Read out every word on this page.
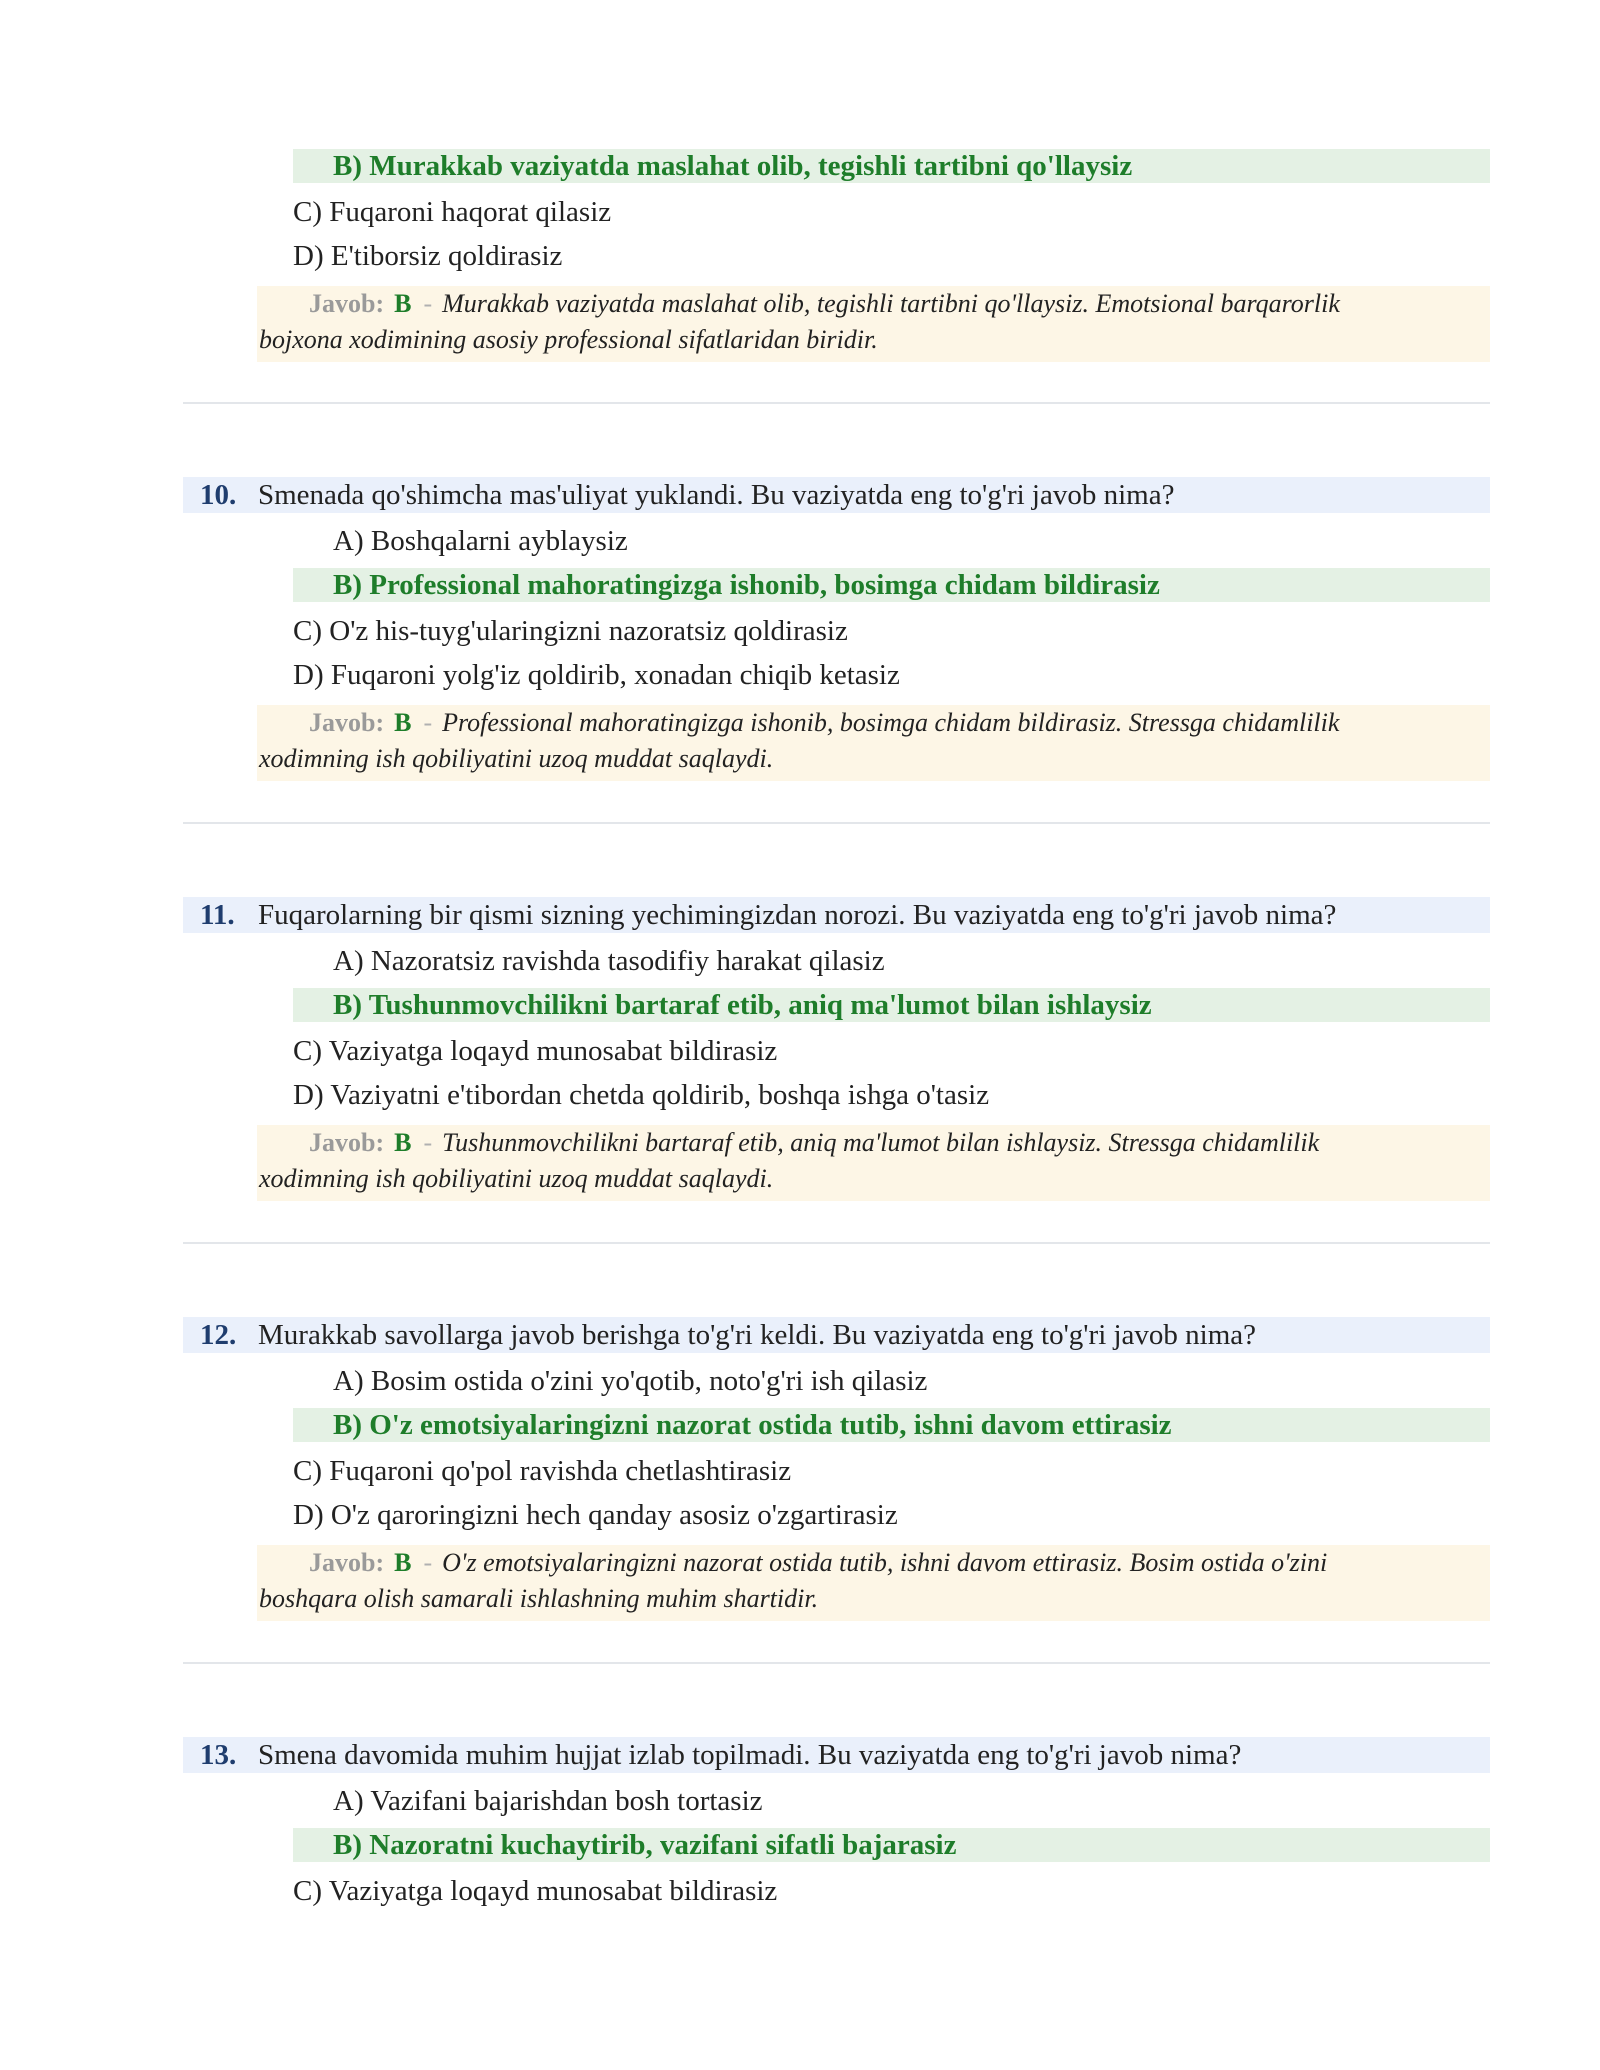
B) Murakkab vaziyatda maslahat olib, tegishli tartibni qo'llaysiz
C) Fuqaroni haqorat qilasiz
D) E'tiborsiz qoldirasiz
Javob: B - Murakkab vaziyatda maslahat olib, tegishli tartibni qo'llaysiz. Emotsional barqarorlik
bojxona xodimining asosiy professional sifatlaridan biridir.
10. Smenada qo'shimcha mas'uliyat yuklandi. Bu vaziyatda eng to'g'ri javob nima?
A) Boshqalarni ayblaysiz
B) Professional mahoratingizga ishonib, bosimga chidam bildirasiz
C) O'z his-tuyg'ularingizni nazoratsiz qoldirasiz
D) Fuqaroni yolg'iz qoldirib, xonadan chiqib ketasiz
Javob: B - Professional mahoratingizga ishonib, bosimga chidam bildirasiz. Stressga chidamlilik
xodimning ish qobiliyatini uzoq muddat saqlaydi.
11. Fuqarolarning bir qismi sizning yechimingizdan norozi. Bu vaziyatda eng to'g'ri javob nima?
A) Nazoratsiz ravishda tasodifiy harakat qilasiz
B) Tushunmovchilikni bartaraf etib, aniq ma'lumot bilan ishlaysiz
C) Vaziyatga loqayd munosabat bildirasiz
D) Vaziyatni e'tibordan chetda qoldirib, boshqa ishga o'tasiz
Javob: B - Tushunmovchilikni bartaraf etib, aniq ma'lumot bilan ishlaysiz. Stressga chidamlilik
xodimning ish qobiliyatini uzoq muddat saqlaydi.
12. Murakkab savollarga javob berishga to'g'ri keldi. Bu vaziyatda eng to'g'ri javob nima?
A) Bosim ostida o'zini yo'qotib, noto'g'ri ish qilasiz
B) O'z emotsiyalaringizni nazorat ostida tutib, ishni davom ettirasiz
C) Fuqaroni qo'pol ravishda chetlashtirasiz
D) O'z qaroringizni hech qanday asosiz o'zgartirasiz
Javob: B - O'z emotsiyalaringizni nazorat ostida tutib, ishni davom ettirasiz. Bosim ostida o'zini
boshqara olish samarali ishlashning muhim shartidir.
13. Smena davomida muhim hujjat izlab topilmadi. Bu vaziyatda eng to'g'ri javob nima?
A) Vazifani bajarishdan bosh tortasiz
B) Nazoratni kuchaytirib, vazifani sifatli bajarasiz
C) Vaziyatga loqayd munosabat bildirasiz
